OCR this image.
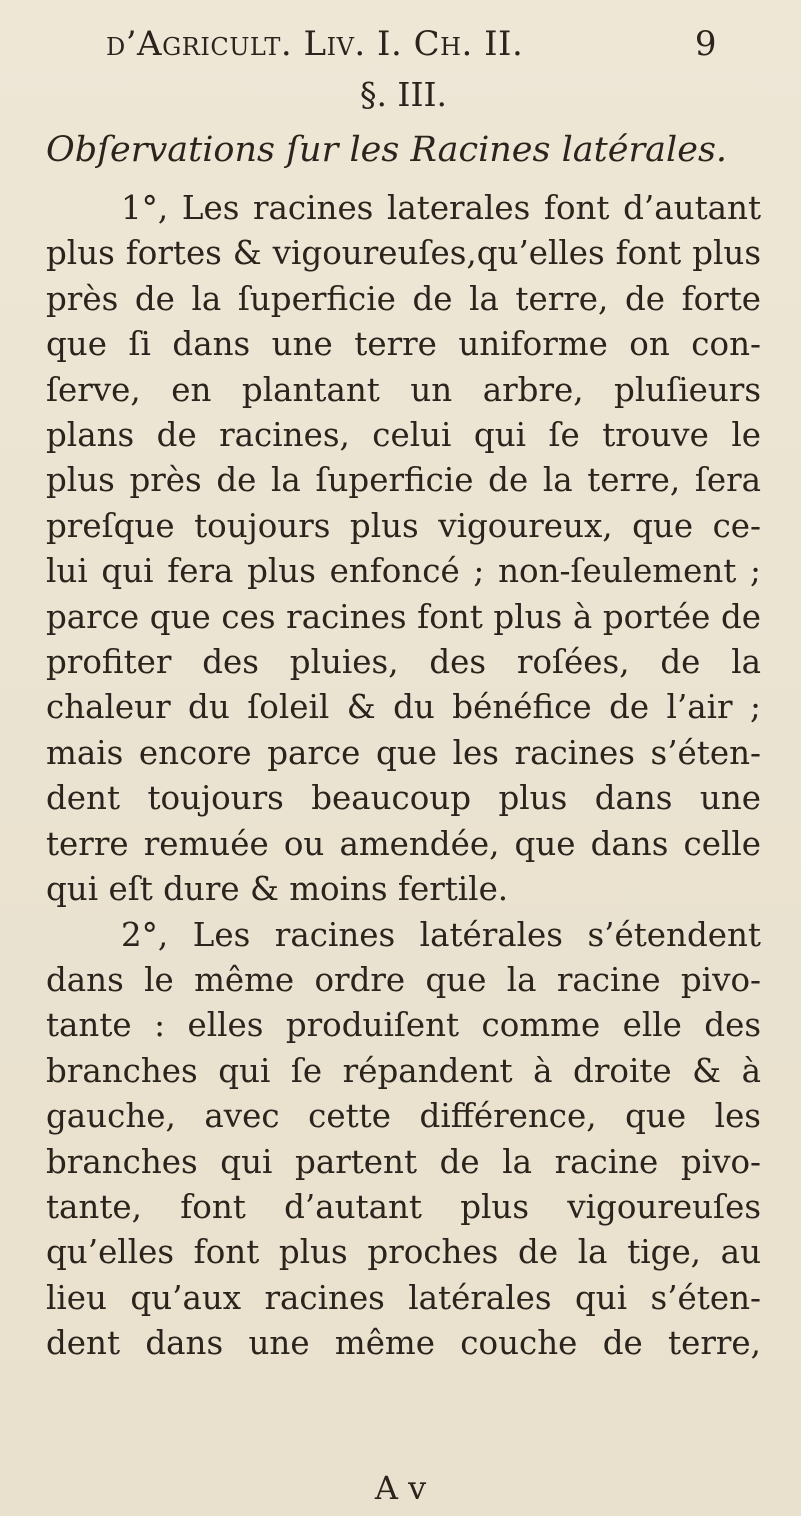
d’Agricult. Liv. I. Ch. II.	9
§. III.
Obſervations ſur les Racines latérales.
1°, Les racines laterales font d’autant
plus fortes & vigoureuſes,qu’elles font plus
près de la ſuperficie de la terre, de forte
que ſi dans une terre uniforme on con-
ſerve, en plantant un arbre, pluſieurs
plans de racines, celui qui ſe trouve le
plus près de la ſuperficie de la terre, ſera
preſque toujours plus vigoureux, que ce-
lui qui fera plus enfoncé ; non-ſeulement ;
parce que ces racines font plus à portée de
profiter des pluies, des roſées, de la
chaleur du ſoleil & du bénéfice de l’air ;
mais encore parce que les racines s’éten-
dent toujours beaucoup plus dans une
terre remuée ou amendée, que dans celle
qui eſt dure & moins fertile.
2°, Les racines latérales s’étendent
dans le même ordre que la racine pivo-
tante : elles produiſent comme elle des
branches qui ſe répandent à droite & à
gauche, avec cette différence, que les
branches qui partent de la racine pivo-
tante, font d’autant plus vigoureuſes
qu’elles font plus proches de la tige, au
lieu qu’aux racines latérales qui s’éten-
dent dans une même couche de terre,
A v
